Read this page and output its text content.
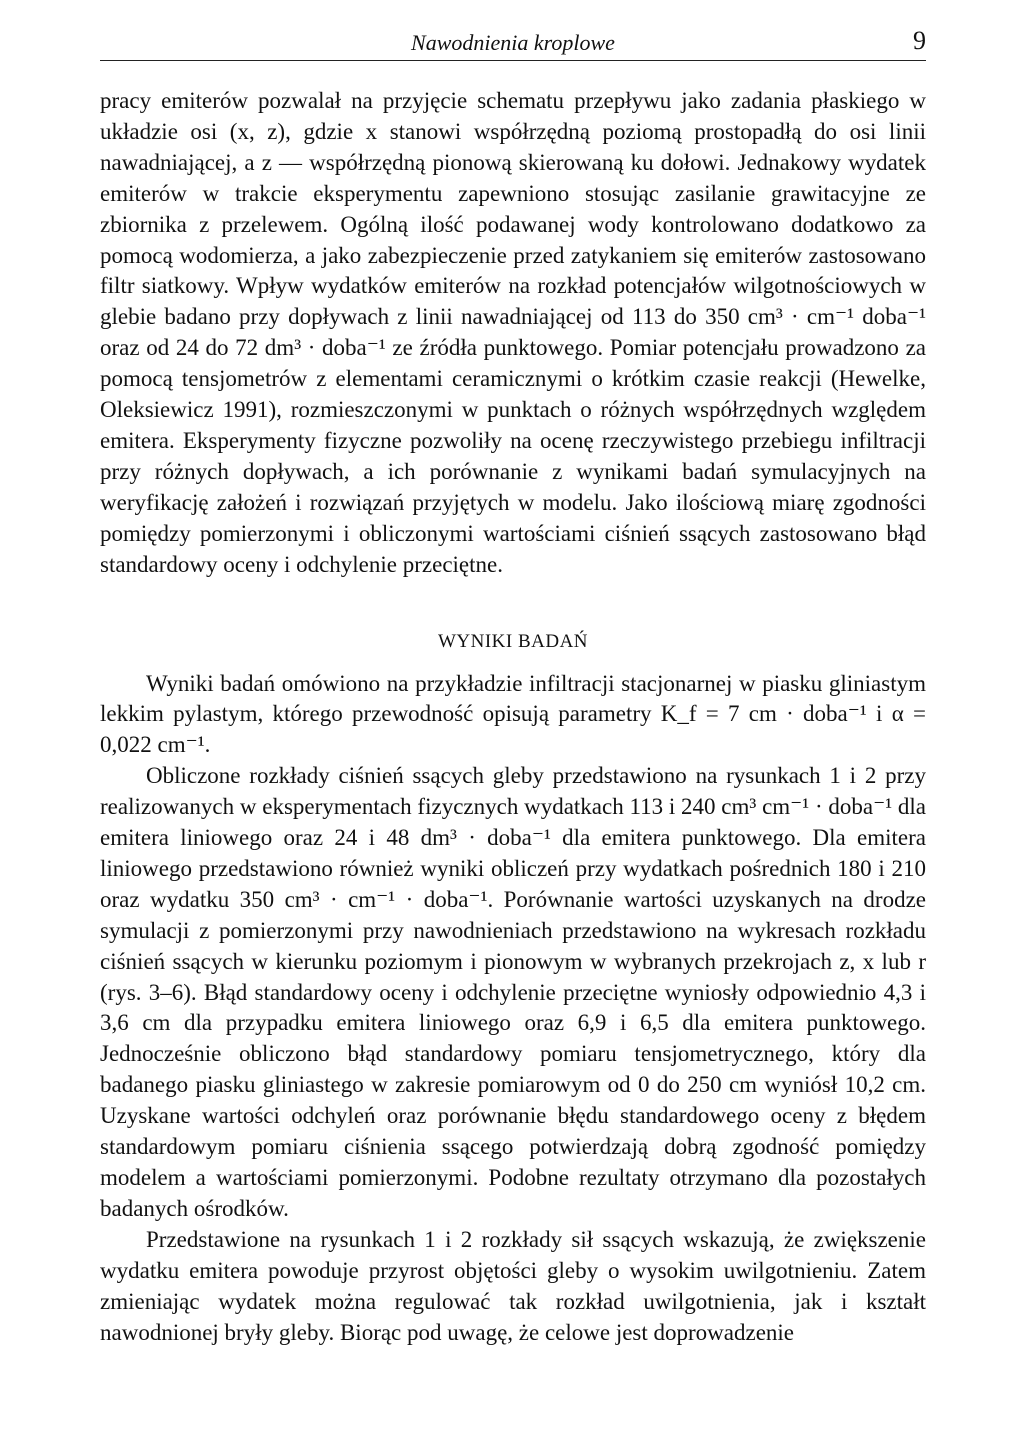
Nawodnienia kroplowe	9

pracy emiterów pozwalał na przyjęcie schematu przepływu jako zadania płaskiego w układzie osi (x, z), gdzie x stanowi współrzędną poziomą prostopadłą do osi linii nawadniającej, a z — współrzędną pionową skierowaną ku dołowi. Jednakowy wydatek emiterów w trakcie eksperymentu zapewniono stosując zasilanie grawitacyjne ze zbiornika z przelewem. Ogólną ilość podawanej wody kontrolowano dodatkowo za pomocą wodomierza, a jako zabezpieczenie przed zatykaniem się emiterów zastosowano filtr siatkowy. Wpływ wydatków emiterów na rozkład potencjałów wilgotnościowych w glebie badano przy dopływach z linii nawadniającej od 113 do 350 cm³ · cm⁻¹ doba⁻¹ oraz od 24 do 72 dm³ · doba⁻¹ ze źródła punktowego. Pomiar potencjału prowadzono za pomocą tensjometrów z elementami ceramicznymi o krótkim czasie reakcji (Hewelke, Oleksiewicz 1991), rozmieszczonymi w punktach o różnych współrzędnych względem emitera. Eksperymenty fizyczne pozwoliły na ocenę rzeczywistego przebiegu infiltracji przy różnych dopływach, a ich porównanie z wynikami badań symulacyjnych na weryfikację założeń i rozwiązań przyjętych w modelu. Jako ilościową miarę zgodności pomiędzy pomierzonymi i obliczonymi wartościami ciśnień ssących zastosowano błąd standardowy oceny i odchylenie przeciętne.

WYNIKI BADAŃ

Wyniki badań omówiono na przykładzie infiltracji stacjonarnej w piasku gliniastym lekkim pylastym, którego przewodność opisują parametry K_f = 7 cm · doba⁻¹ i α = 0,022 cm⁻¹.

Obliczone rozkłady ciśnień ssących gleby przedstawiono na rysunkach 1 i 2 przy realizowanych w eksperymentach fizycznych wydatkach 113 i 240 cm³ cm⁻¹ · doba⁻¹ dla emitera liniowego oraz 24 i 48 dm³ · doba⁻¹ dla emitera punktowego. Dla emitera liniowego przedstawiono również wyniki obliczeń przy wydatkach pośrednich 180 i 210 oraz wydatku 350 cm³ · cm⁻¹ · doba⁻¹. Porównanie wartości uzyskanych na drodze symulacji z pomierzonymi przy nawodnieniach przedstawiono na wykresach rozkładu ciśnień ssących w kierunku poziomym i pionowym w wybranych przekrojach z, x lub r (rys. 3–6). Błąd standardowy oceny i odchylenie przeciętne wyniosły odpowiednio 4,3 i 3,6 cm dla przypadku emitera liniowego oraz 6,9 i 6,5 dla emitera punktowego. Jednocześnie obliczono błąd standardowy pomiaru tensjometrycznego, który dla badanego piasku gliniastego w zakresie pomiarowym od 0 do 250 cm wyniósł 10,2 cm. Uzyskane wartości odchyleń oraz porównanie błędu standardowego oceny z błędem standardowym pomiaru ciśnienia ssącego potwierdzają dobrą zgodność pomiędzy modelem a wartościami pomierzonymi. Podobne rezultaty otrzymano dla pozostałych badanych ośrodków.

Przedstawione na rysunkach 1 i 2 rozkłady sił ssących wskazują, że zwiększenie wydatku emitera powoduje przyrost objętości gleby o wysokim uwilgotnieniu. Zatem zmieniając wydatek można regulować tak rozkład uwilgotnienia, jak i kształt nawodnionej bryły gleby. Biorąc pod uwagę, że celowe jest doprowadzenie
